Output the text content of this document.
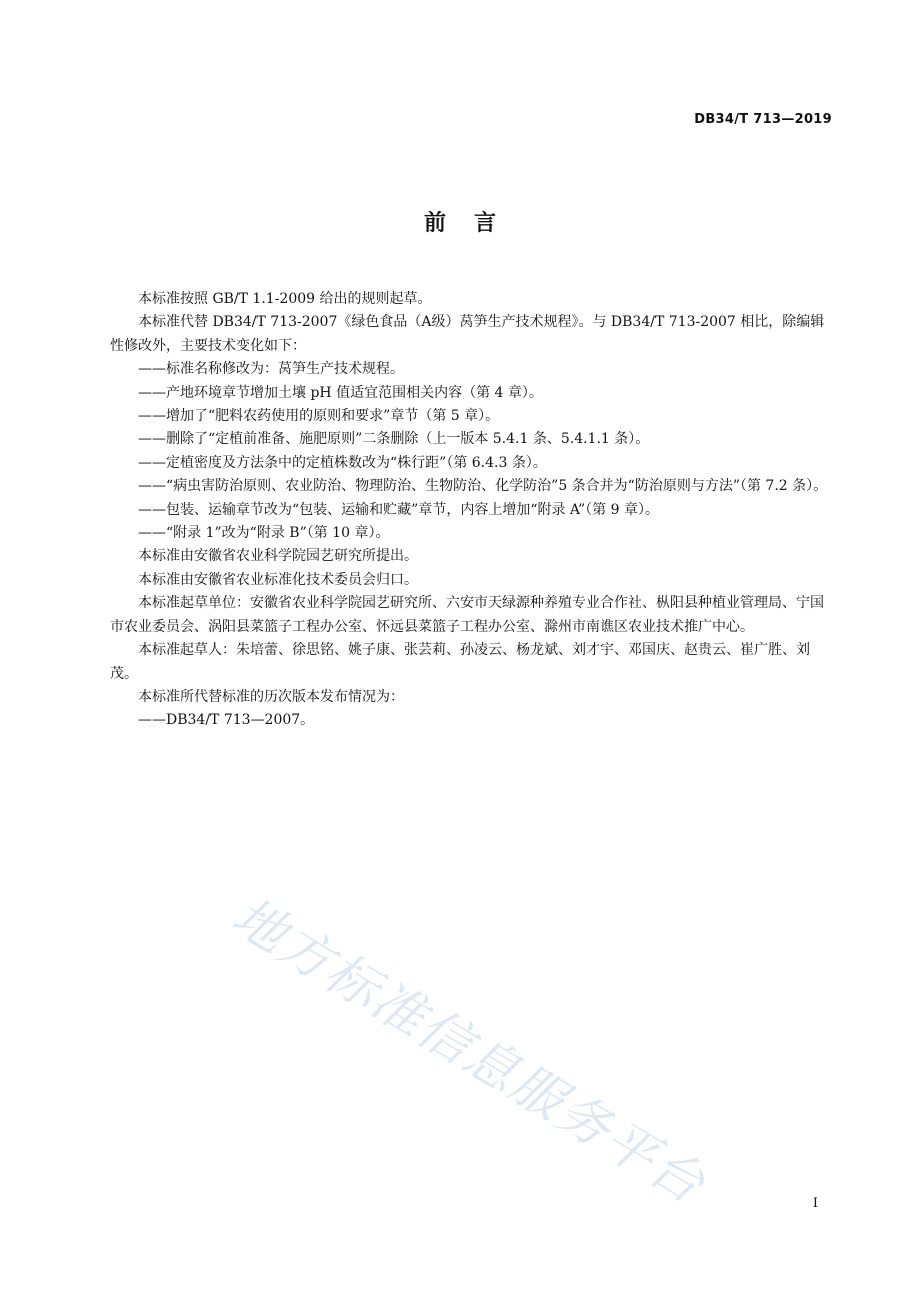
DB34/T 713—2019
前言

本标准按照 GB/T 1.1-2009 给出的规则起草。

本标准代替 DB34/T 713-2007《绿色食品（A级）莴笋生产技术规程》。与 DB34/T 713-2007 相比，除编辑性修改外，主要技术变化如下：

——标准名称修改为：莴笋生产技术规程。

——产地环境章节增加土壤 pH 值适宜范围相关内容（第 4 章）。

——增加了“肥料农药使用的原则和要求”章节（第 5 章）。

——删除了“定植前准备、施肥原则”二条删除（上一版本 5.4.1 条、5.4.1.1 条）。

——定植密度及方法条中的定植株数改为“株行距”（第 6.4.3 条）。

——“病虫害防治原则、农业防治、物理防治、生物防治、化学防治”5 条合并为“防治原则与方法”（第 7.2 条）。

——包装、运输章节改为“包装、运输和贮藏”章节，内容上增加“附录 A”（第 9 章）。

——“附录 1”改为“附录 B”（第 10 章）。

本标准由安徽省农业科学院园艺研究所提出。

本标准由安徽省农业标准化技术委员会归口。

本标准起草单位：安徽省农业科学院园艺研究所、六安市天绿源种养殖专业合作社、枞阳县种植业管理局、宁国市农业委员会、涡阳县菜篮子工程办公室、怀远县菜篮子工程办公室、滁州市南谯区农业技术推广中心。

本标准起草人：朱培蕾、徐思铭、姚子康、张芸莉、孙凌云、杨龙斌、刘才宇、邓国庆、赵贵云、崔广胜、刘茂。

本标准所代替标准的历次版本发布情况为：

——DB34/T 713—2007。

地方标准信息服务平台	I
